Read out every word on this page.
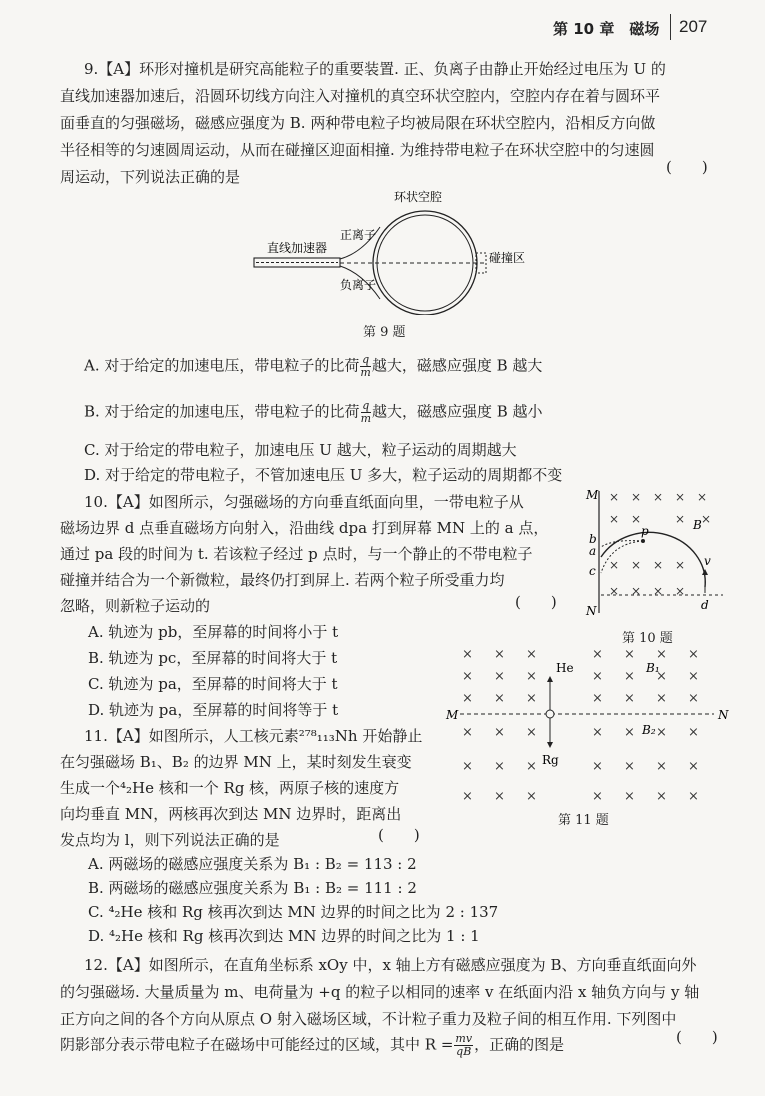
第 10 章　磁场 207
9.【A】环形对撞机是研究高能粒子的重要装置. 正、负离子由静止开始经过电压为 U 的
直线加速器加速后，沿圆环切线方向注入对撞机的真空环状空腔内，空腔内存在着与圆环平
面垂直的匀强磁场，磁感应强度为 B. 两种带电粒子均被局限在环状空腔内，沿相反方向做
半径相等的匀速圆周运动，从而在碰撞区迎面相撞. 为维持带电粒子在环状空腔中的匀速圆
周运动，下列说法正确的是
(　　)
环状空腔
直线加速器
正离子
负离子
碰撞区
第 9 题
A. 对于给定的加速电压，带电粒子的比荷 $\frac{q}{m}$ 越大，磁感应强度 B 越大
B. 对于给定的加速电压，带电粒子的比荷 $\frac{q}{m}$ 越大，磁感应强度 B 越小
C. 对于给定的带电粒子，加速电压 U 越大，粒子运动的周期越大
D. 对于给定的带电粒子，不管加速电压 U 多大，粒子运动的周期都不变
10.【A】如图所示，匀强磁场的方向垂直纸面向里，一带电粒子从
磁场边界 d 点垂直磁场方向射入，沿曲线 dpa 打到屏幕 MN 上的 a 点，
通过 pa 段的时间为 t. 若该粒子经过 p 点时，与一个静止的不带电粒子
碰撞并结合为一个新微粒，最终仍打到屏上. 若两个粒子所受重力均
忽略，则新粒子运动的	(　　)
A. 轨迹为 pb，至屏幕的时间将小于 t
B. 轨迹为 pc，至屏幕的时间将大于 t
C. 轨迹为 pa，至屏幕的时间将大于 t
D. 轨迹为 pa，至屏幕的时间将等于 t
M
N
× × × × ×
× ×	× ×
× × × ×
× × × ×
p
b
a
c
d
v
B
第 10 题
× × ×	× × × ×
× × ×	× × × ×
× × ×	× × × ×
× × ×	× × × ×
× × ×	× × × ×
× × ×	× × × ×
M	N
He
Rg
B₁
B₂
第 11 题
11.【A】如图所示，人工核元素²⁷⁸₁₁₃Nh 开始静止
在匀强磁场 B₁、B₂ 的边界 MN 上，某时刻发生衰变
生成一个⁴₂He 核和一个 Rg 核，两原子核的速度方
向均垂直 MN，两核再次到达 MN 边界时，距离出
发点均为 l，则下列说法正确的是	(　　)
A. 两磁场的磁感应强度关系为 B₁ : B₂ = 113 : 2
B. 两磁场的磁感应强度关系为 B₁ : B₂ = 111 : 2
C. ⁴₂He 核和 Rg 核再次到达 MN 边界的时间之比为 2 : 137
D. ⁴₂He 核和 Rg 核再次到达 MN 边界的时间之比为 1 : 1
12.【A】如图所示，在直角坐标系 xOy 中，x 轴上方有磁感应强度为 B、方向垂直纸面向外
的匀强磁场. 大量质量为 m、电荷量为 +q 的粒子以相同的速率 v 在纸面内沿 x 轴负方向与 y 轴
正方向之间的各个方向从原点 O 射入磁场区域，不计粒子重力及粒子间的相互作用. 下列图中
阴影部分表示带电粒子在磁场中可能经过的区域，其中 $R = \frac{mv}{qB}$ ，正确的图是	(　　)
